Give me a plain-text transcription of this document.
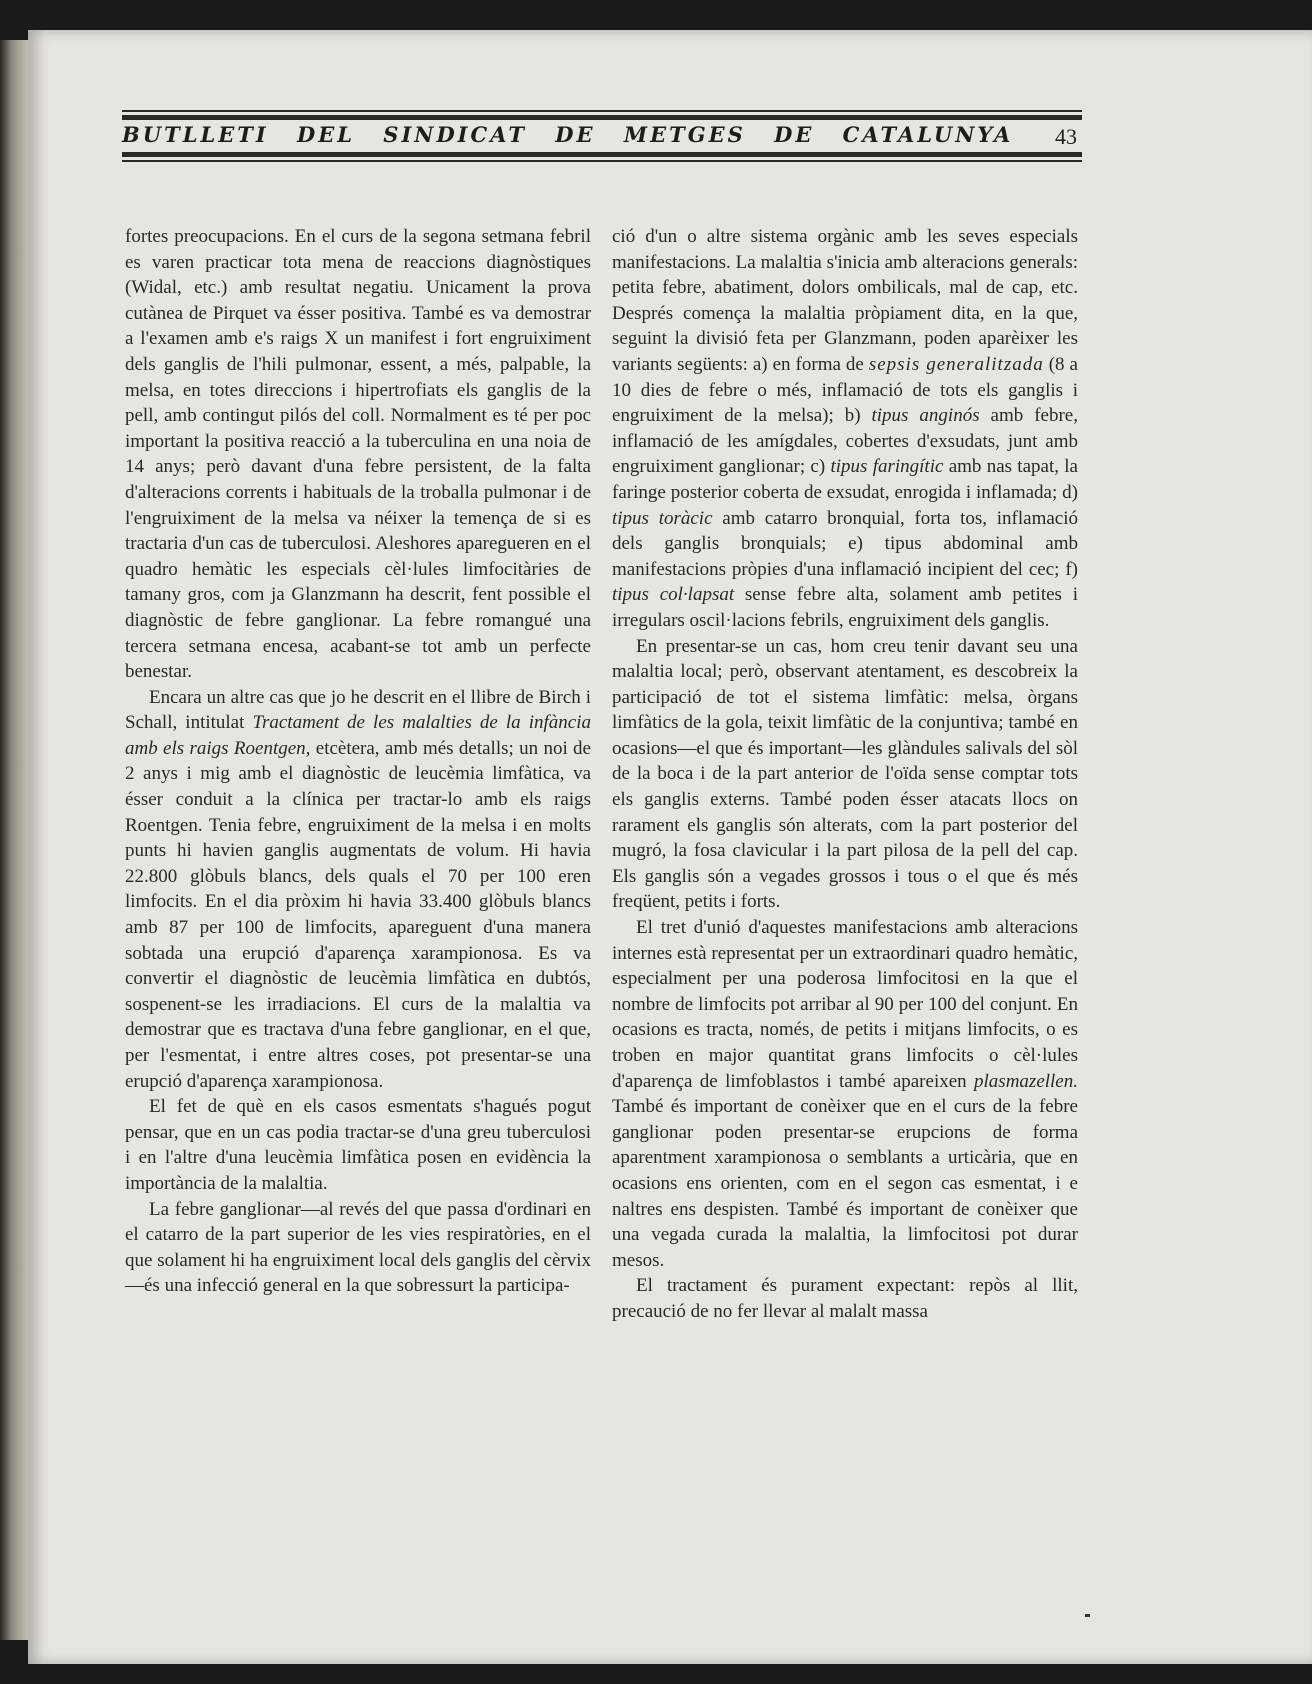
BUTLLETI DEL SINDICAT DE METGES DE CATALUNYA	43

fortes preocupacions. En el curs de la segona setmana febril es varen practicar tota mena de reaccions diagnòstiques (Widal, etc.) amb resultat negatiu. Unicament la prova cutànea de Pirquet va ésser positiva. També es va demostrar a l'examen amb e's raigs X un manifest i fort engruiximent dels ganglis de l'hili pulmonar, essent, a més, palpable, la melsa, en totes direccions i hipertrofiats els ganglis de la pell, amb contingut pilós del coll. Normalment es té per poc important la positiva reacció a la tuberculina en una noia de 14 anys; però davant d'una febre persistent, de la falta d'alteracions corrents i habituals de la troballa pulmonar i de l'engruiximent de la melsa va néixer la temença de si es tractaria d'un cas de tuberculosi. Aleshores aparegueren en el quadro hemàtic les especials cèl·lules limfocitàries de tamany gros, com ja Glanzmann ha descrit, fent possible el diagnòstic de febre ganglionar. La febre romangué una tercera setmana encesa, acabant-se tot amb un perfecte benestar.

Encara un altre cas que jo he descrit en el llibre de Birch i Schall, intitulat Tractament de les malalties de la infància amb els raigs Roentgen, etcètera, amb més detalls; un noi de 2 anys i mig amb el diagnòstic de leucèmia limfàtica, va ésser conduit a la clínica per tractar-lo amb els raigs Roentgen. Tenia febre, engruiximent de la melsa i en molts punts hi havien ganglis augmentats de volum. Hi havia 22.800 glòbuls blancs, dels quals el 70 per 100 eren limfocits. En el dia pròxim hi havia 33.400 glòbuls blancs amb 87 per 100 de limfocits, apareguent d'una manera sobtada una erupció d'aparença xarampionosa. Es va convertir el diagnòstic de leucèmia limfàtica en dubtós, sospenent-se les irradiacions. El curs de la malaltia va demostrar que es tractava d'una febre ganglionar, en el que, per l'esmentat, i entre altres coses, pot presentar-se una erupció d'aparença xarampionosa.

El fet de què en els casos esmentats s'hagués pogut pensar, que en un cas podia tractar-se d'una greu tuberculosi i en l'altre d'una leucèmia limfàtica posen en evidència la importància de la malaltia.

La febre ganglionar—al revés del que passa d'ordinari en el catarro de la part superior de les vies respiratòries, en el que solament hi ha engruiximent local dels ganglis del cèrvix—és una infecció general en la que sobressurt la participa-

ció d'un o altre sistema orgànic amb les seves especials manifestacions. La malaltia s'inicia amb alteracions generals: petita febre, abatiment, dolors ombilicals, mal de cap, etc. Després comença la malaltia pròpiament dita, en la que, seguint la divisió feta per Glanzmann, poden aparèixer les variants següents: a) en forma de sepsis generalitzada (8 a 10 dies de febre o més, inflamació de tots els ganglis i engruiximent de la melsa); b) tipus anginós amb febre, inflamació de les amígdales, cobertes d'exsudats, junt amb engruiximent ganglionar; c) tipus faringític amb nas tapat, la faringe posterior coberta de exsudat, enrogida i inflamada; d) tipus toràcic amb catarro bronquial, forta tos, inflamació dels ganglis bronquials; e) tipus abdominal amb manifestacions pròpies d'una inflamació incipient del cec; f) tipus col·lapsat sense febre alta, solament amb petites i irregulars oscil·lacions febrils, engruiximent dels ganglis.

En presentar-se un cas, hom creu tenir davant seu una malaltia local; però, observant atentament, es descobreix la participació de tot el sistema limfàtic: melsa, òrgans limfàtics de la gola, teixit limfàtic de la conjuntiva; també en ocasions—el que és important—les glàndules salivals del sòl de la boca i de la part anterior de l'oïda sense comptar tots els ganglis externs. També poden ésser atacats llocs on rarament els ganglis són alterats, com la part posterior del mugró, la fosa clavicular i la part pilosa de la pell del cap. Els ganglis són a vegades grossos i tous o el que és més freqüent, petits i forts.

El tret d'unió d'aquestes manifestacions amb alteracions internes està representat per un extraordinari quadro hemàtic, especialment per una poderosa limfocitosi en la que el nombre de limfocits pot arribar al 90 per 100 del conjunt. En ocasions es tracta, només, de petits i mitjans limfocits, o es troben en major quantitat grans limfocits o cèl·lules d'aparença de limfoblastos i també apareixen plasmazellen. També és important de conèixer que en el curs de la febre ganglionar poden presentar-se erupcions de forma aparentment xarampionosa o semblants a urticària, que en ocasions ens orienten, com en el segon cas esmentat, i e naltres ens despisten. També és important de conèixer que una vegada curada la malaltia, la limfocitosi pot durar mesos.

El tractament és purament expectant: repòs al llit, precaució de no fer llevar al malalt massa
